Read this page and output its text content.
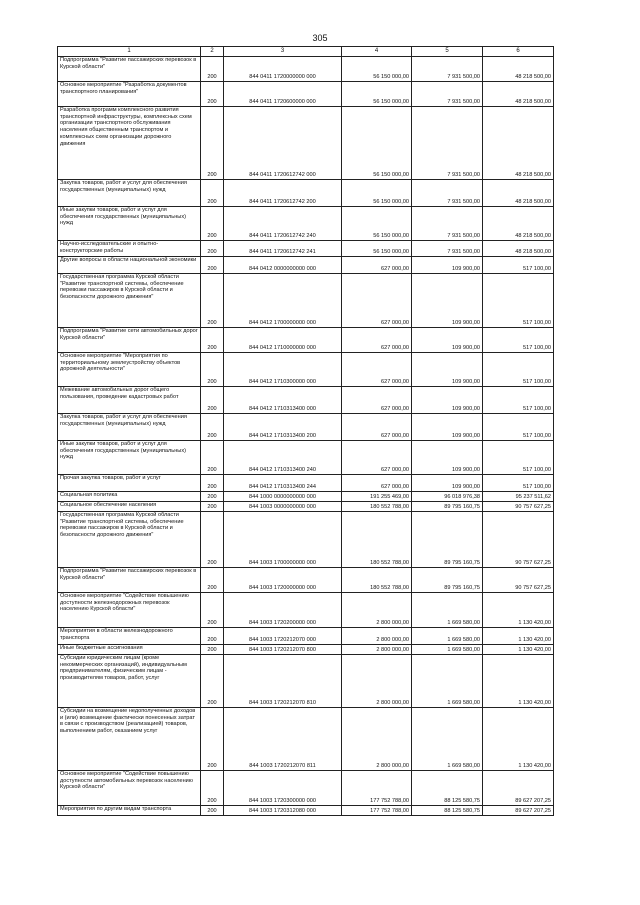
305
1	2	3	4	5	6
Подпрограмма "Развитие пассажирских перевозок в Курской области"	200	844 0411 1720000000 000	56 150 000,00	7 931 500,00	48 218 500,00
Основное мероприятие "Разработка документов транспортного планирования"	200	844 0411 1720600000 000	56 150 000,00	7 931 500,00	48 218 500,00
Разработка программ комплексного развития транспортной инфраструктуры, комплексных схем организации транспортного обслуживания населения общественным транспортом и комплексных схем организации дорожного движения	200	844 0411 1720612742 000	56 150 000,00	7 931 500,00	48 218 500,00
Закупка товаров, работ и услуг для обеспечения государственных (муниципальных) нужд	200	844 0411 1720612742 200	56 150 000,00	7 931 500,00	48 218 500,00
Иные закупки товаров, работ и услуг для обеспечения государственных (муниципальных) нужд	200	844 0411 1720612742 240	56 150 000,00	7 931 500,00	48 218 500,00
Научно-исследовательские и опытно-конструкторские работы	200	844 0411 1720612742 241	56 150 000,00	7 931 500,00	48 218 500,00
Другие вопросы в области национальной экономики	200	844 0412 0000000000 000	627 000,00	109 900,00	517 100,00
Государственная программа Курской области "Развитие транспортной системы, обеспечение перевозки пассажиров в Курской области и безопасности дорожного движения"	200	844 0412 1700000000 000	627 000,00	109 900,00	517 100,00
Подпрограмма "Развитие сети автомобильных дорог Курской области"	200	844 0412 1710000000 000	627 000,00	109 900,00	517 100,00
Основное мероприятие "Мероприятия по территориальному землеустройству объектов дорожной деятельности"	200	844 0412 1710300000 000	627 000,00	109 900,00	517 100,00
Межевание автомобильных дорог общего пользования, проведение кадастровых работ	200	844 0412 1710313400 000	627 000,00	109 900,00	517 100,00
Закупка товаров, работ и услуг для обеспечения государственных (муниципальных) нужд	200	844 0412 1710313400 200	627 000,00	109 900,00	517 100,00
Иные закупки товаров, работ и услуг для обеспечения государственных (муниципальных) нужд	200	844 0412 1710313400 240	627 000,00	109 900,00	517 100,00
Прочая закупка товаров, работ и услуг	200	844 0412 1710313400 244	627 000,00	109 900,00	517 100,00
Социальная политика	200	844 1000 0000000000 000	191 255 469,00	96 018 976,38	95 237 511,62
Социальное обеспечение населения	200	844 1003 0000000000 000	180 552 788,00	89 795 160,75	90 757 627,25
Государственная программа Курской области "Развитие транспортной системы, обеспечение перевозки пассажиров в Курской области и безопасности дорожного движения"	200	844 1003 1700000000 000	180 552 788,00	89 795 160,75	90 757 627,25
Подпрограмма "Развитие пассажирских перевозок в Курской области"	200	844 1003 1720000000 000	180 552 788,00	89 795 160,75	90 757 627,25
Основное мероприятие "Содействие повышению доступности железнодорожных перевозок населению Курской области"	200	844 1003 1720200000 000	2 800 000,00	1 669 580,00	1 130 420,00
Мероприятия в области железнодорожного транспорта	200	844 1003 1720212070 000	2 800 000,00	1 669 580,00	1 130 420,00
Иные бюджетные ассигнования	200	844 1003 1720212070 800	2 800 000,00	1 669 580,00	1 130 420,00
Субсидии юридическим лицам (кроме некоммерческих организаций), индивидуальным предпринимателям, физическим лицам - производителям товаров, работ, услуг	200	844 1003 1720212070 810	2 800 000,00	1 669 580,00	1 130 420,00
Субсидии на возмещение недополученных доходов и (или) возмещение фактически понесенных затрат в связи с производством (реализацией) товаров, выполнением работ, оказанием услуг	200	844 1003 1720212070 811	2 800 000,00	1 669 580,00	1 130 420,00
Основное мероприятие "Содействие повышению доступности автомобильных перевозок населению Курской области"	200	844 1003 1720300000 000	177 752 788,00	88 125 580,75	89 627 207,25
Мероприятия по другим видам транспорта	200	844 1003 1720312080 000	177 752 788,00	88 125 580,75	89 627 207,25
